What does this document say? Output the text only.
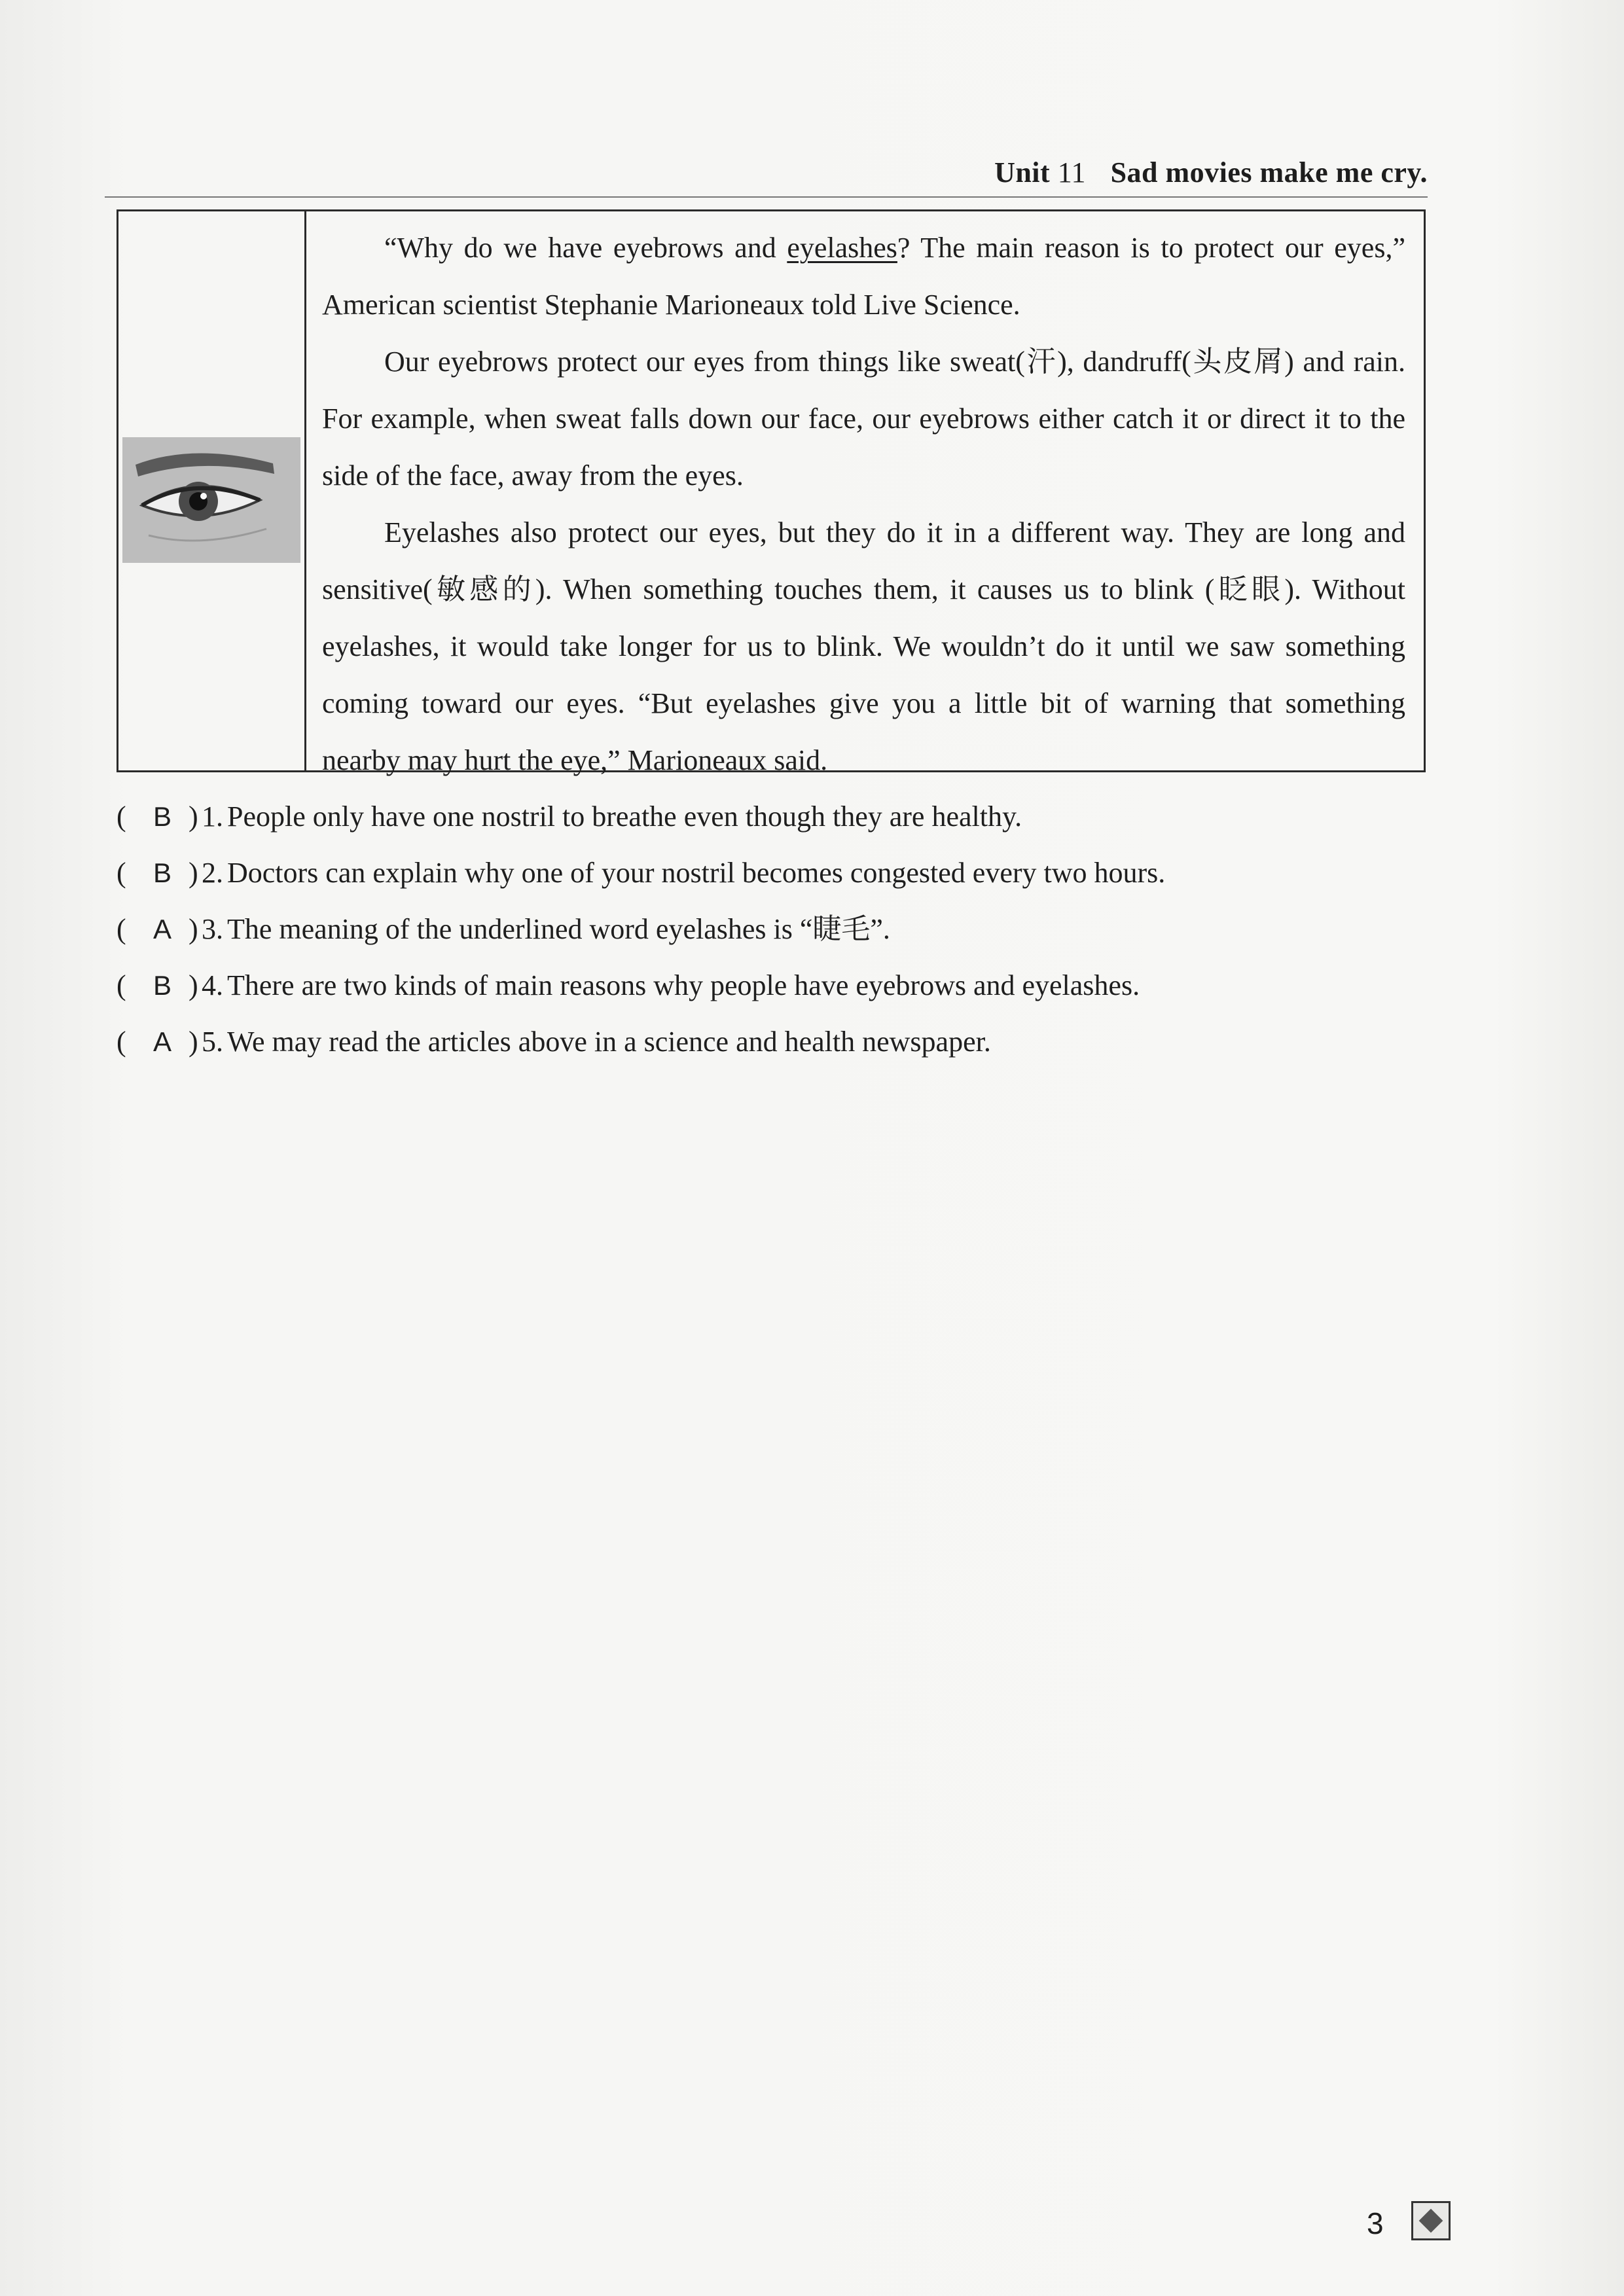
Unit 11 Sad movies make me cry.

“Why do we have eyebrows and eyelashes? The main reason is to protect our eyes,” American scientist Stephanie Marioneaux told Live Science.

Our eyebrows protect our eyes from things like sweat(汗), dandruff(头皮屑) and rain. For example, when sweat falls down our face, our eyebrows either catch it or direct it to the side of the face, away from the eyes.

Eyelashes also protect our eyes, but they do it in a different way. They are long and sensitive(敏感的). When something touches them, it causes us to blink (眨眼). Without eyelashes, it would take longer for us to blink. We wouldn’t do it until we saw something coming toward our eyes. “But eyelashes give you a little bit of warning that something nearby may hurt the eye,” Marioneaux said.

( B ) 1. People only have one nostril to breathe even though they are healthy.
( B ) 2. Doctors can explain why one of your nostril becomes congested every two hours.
( A ) 3. The meaning of the underlined word eyelashes is “睫毛”.
( B ) 4. There are two kinds of main reasons why people have eyebrows and eyelashes.
( A ) 5. We may read the articles above in a science and health newspaper.
3
